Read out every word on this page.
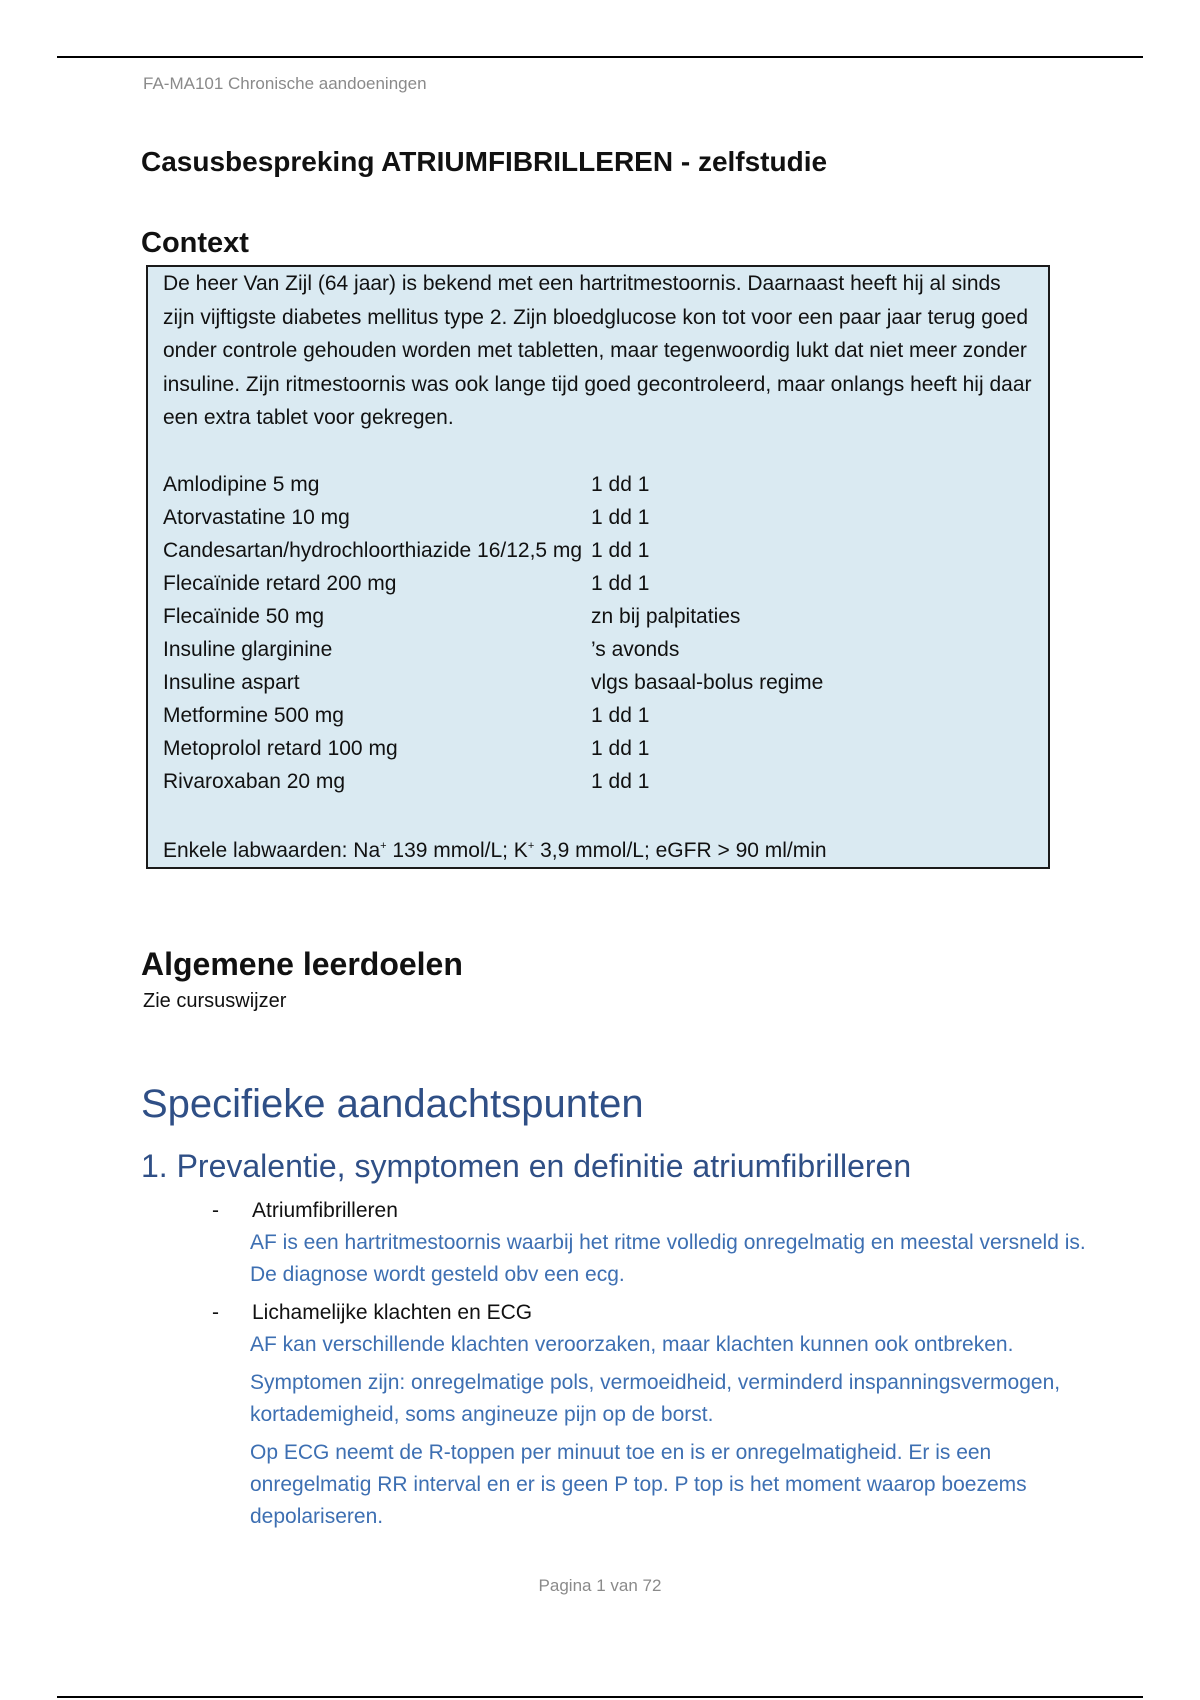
FA-MA101 Chronische aandoeningen
Casusbespreking ATRIUMFIBRILLEREN - zelfstudie
Context

De heer Van Zijl (64 jaar) is bekend met een hartritmestoornis. Daarnaast heeft hij al sinds zijn vijftigste diabetes mellitus type 2. Zijn bloedglucose kon tot voor een paar jaar terug goed onder controle gehouden worden met tabletten, maar tegenwoordig lukt dat niet meer zonder insuline. Zijn ritmestoornis was ook lange tijd goed gecontroleerd, maar onlangs heeft hij daar een extra tablet voor gekregen.

Amlodipine 5 mg	1 dd 1
Atorvastatine 10 mg	1 dd 1
Candesartan/hydrochloorthiazide 16/12,5 mg 1 dd 1
Flecaïnide retard 200 mg	1 dd 1
Flecaïnide 50 mg	zn bij palpitaties
Insuline glarginine	’s avonds
Insuline aspart	vlgs basaal-bolus regime
Metformine 500 mg	1 dd 1
Metoprolol retard 100 mg	1 dd 1
Rivaroxaban 20 mg	1 dd 1
Enkele labwaarden: Na+ 139 mmol/L; K+ 3,9 mmol/L; eGFR > 90 ml/min
Algemene leerdoelen

Zie cursuswijzer

Specifieke aandachtspunten
1. Prevalentie, symptomen en definitie atriumfibrilleren
-	Atriumfibrilleren

AF is een hartritmestoornis waarbij het ritme volledig onregelmatig en meestal versneld is. De diagnose wordt gesteld obv een ecg.

-	Lichamelijke klachten en ECG

AF kan verschillende klachten veroorzaken, maar klachten kunnen ook ontbreken.

Symptomen zijn: onregelmatige pols, vermoeidheid, verminderd inspanningsvermogen, kortademigheid, soms angineuze pijn op de borst.

Op ECG neemt de R-toppen per minuut toe en is er onregelmatigheid. Er is een onregelmatig RR interval en er is geen P top. P top is het moment waarop boezems depolariseren.

Pagina 1 van 72
